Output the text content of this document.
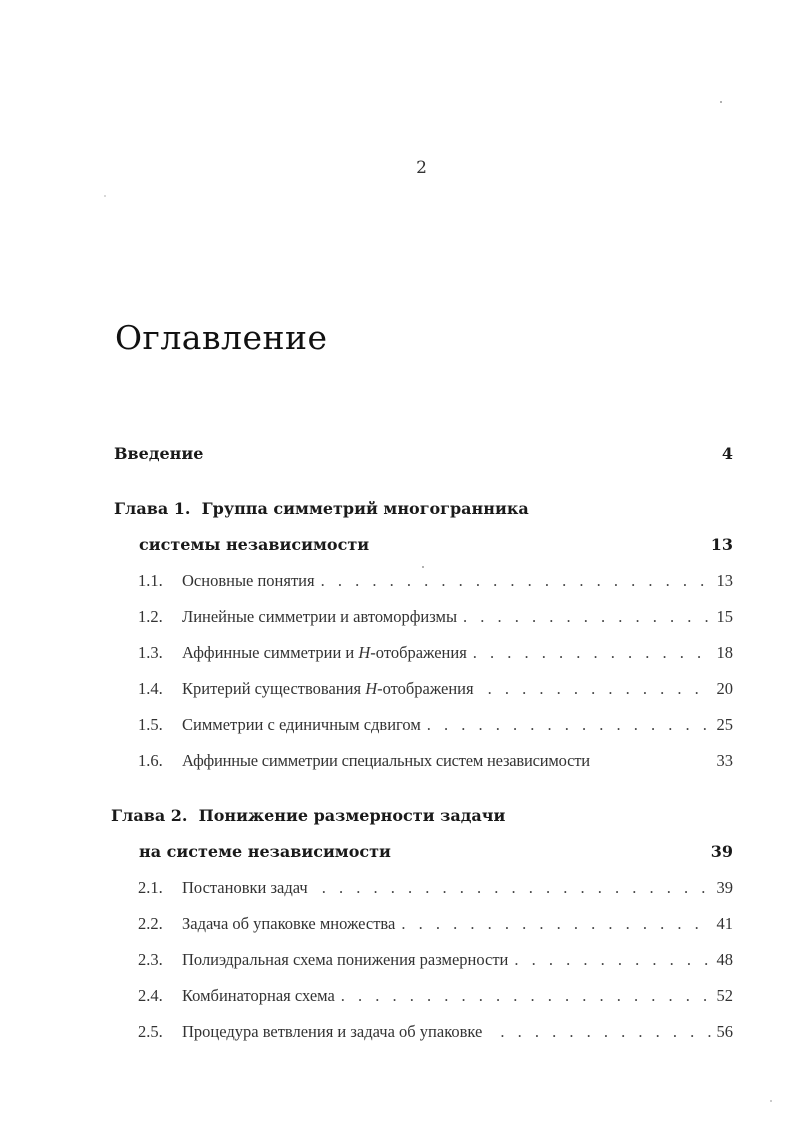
2
Оглавление
Введение	4
Глава 1.  Группа симметрий многогранника
системы независимости	13
1.1.	Основные понятия . . .	13
1.2.	Линейные симметрии и автоморфизмы . . .	15
1.3.	Аффинные симметрии и H-отображения . . .	18
1.4.	Критерий существования H-отображения . . .	20
1.5.	Симметрии с единичным сдвигом . . .	25
1.6.	Аффинные симметрии специальных систем независимости	33
Глава 2.  Понижение размерности задачи
на системе независимости	39
2.1.	Постановки задач . . .	39
2.2.	Задача об упаковке множества . . .	41
2.3.	Полиэдральная схема понижения размерности . . .	48
2.4.	Комбинаторная схема . . .	52
2.5.	Процедура ветвления и задача об упаковке . . .	56
